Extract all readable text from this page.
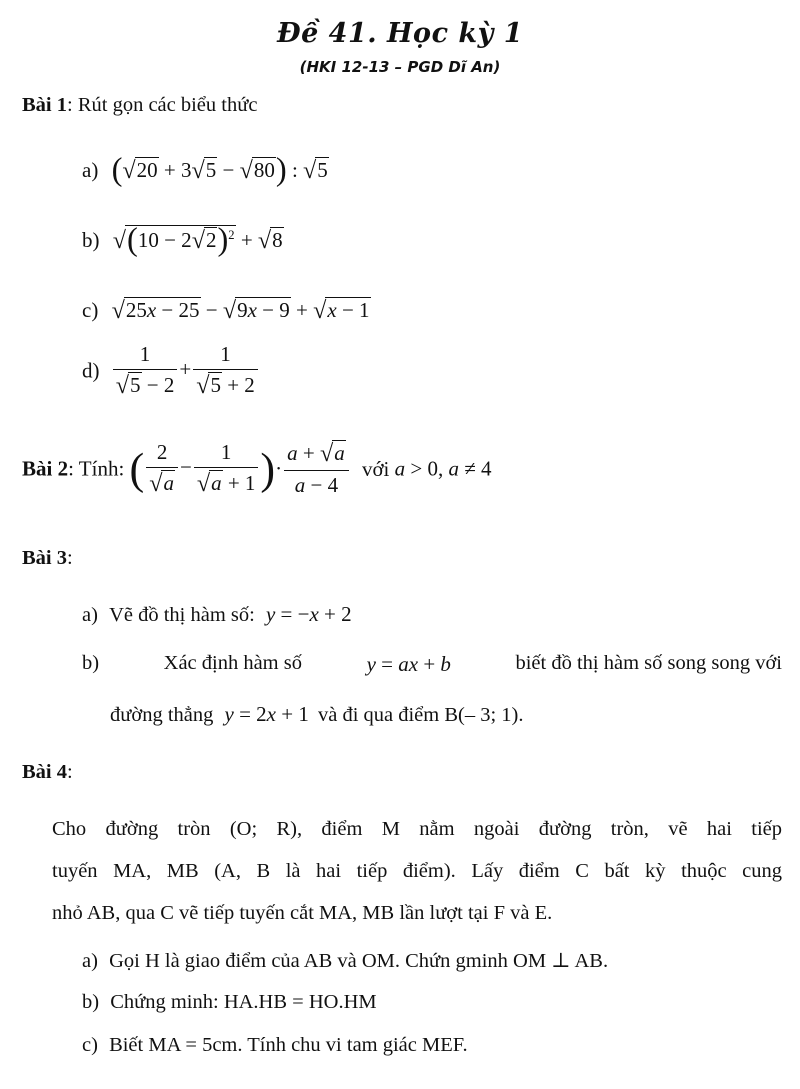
Đề 41. Học kỳ 1
(HKI 12-13 – PGD Dĩ An)
Bài 1: Rút gọn các biểu thức
a) (√20 + 3√5 − √80) : √5
b) $√(10 - 2√2)^2 + √8$
c) √25x − 25 − √9x − 9 + √x − 1
$d) \frac{1}{√5 - 2} + \frac{1}{√5 + 2}$
Bài 2: Tính: ( $\frac{2}{√a} - \frac{1}{√a + 1}$ )· $\frac{a + √a}{a - 4}$ với a > 0, a ≠ 4
Bài 3:
a) Vẽ đồ thị hàm số: y = −x + 2
b)	Xác định hàm số	y = ax + b	biết đồ thị hàm số song song với
đường thẳng y = 2x + 1 và đi qua điểm B(– 3; 1).
Bài 4:
Cho đường tròn (O; R), điểm M nằm ngoài đường tròn, vẽ hai tiếp
tuyến MA, MB (A, B là hai tiếp điểm). Lấy điểm C bất kỳ thuộc cung
nhỏ AB, qua C vẽ tiếp tuyến cắt MA, MB lần lượt tại F và E.
a) Gọi H là giao điểm của AB và OM. Chứn gminh OM ⊥ AB.
b) Chứng minh: HA.HB = HO.HM
c) Biết MA = 5cm. Tính chu vi tam giác MEF.
